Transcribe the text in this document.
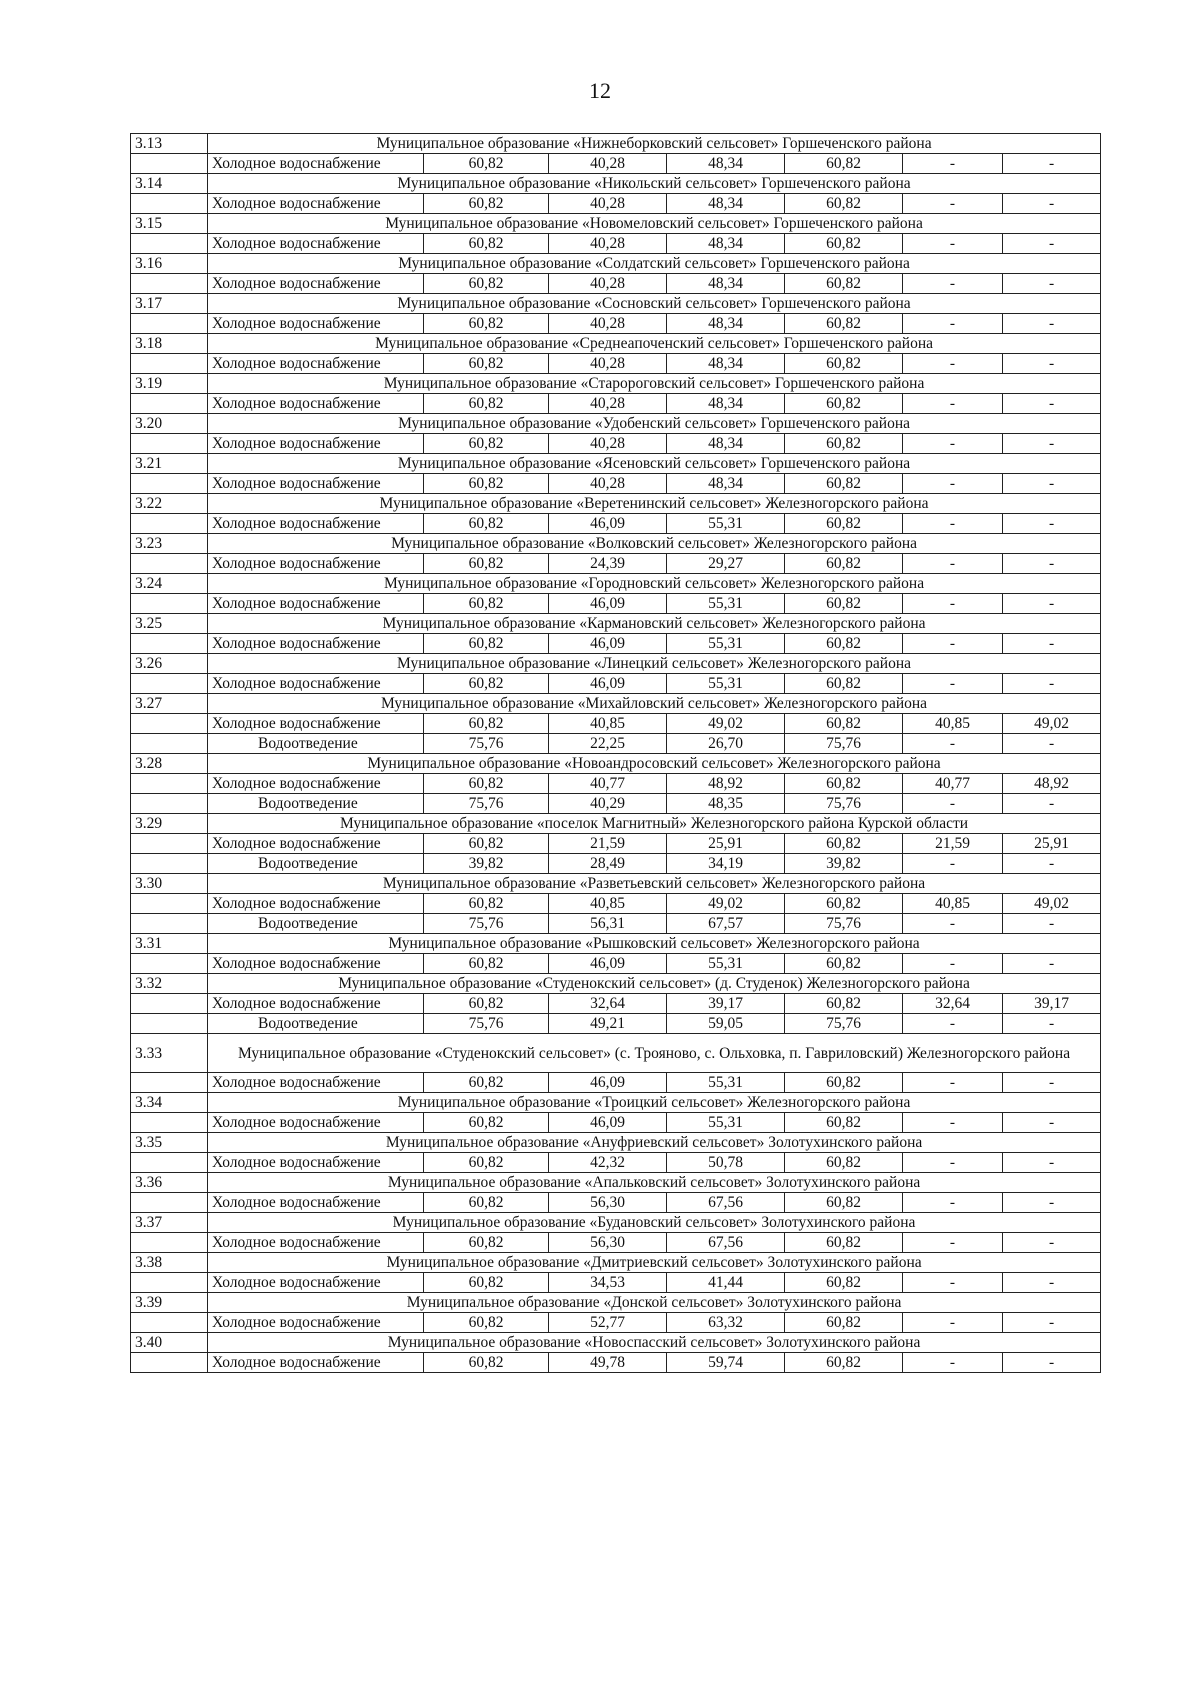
12
3.13	Муниципальное образование «Нижнеборковский сельсовет» Горшеченского района						
	Холодное водоснабжение	60,82	40,28	48,34	60,82	-	-
3.14	Муниципальное образование «Никольский сельсовет» Горшеченского района						
	Холодное водоснабжение	60,82	40,28	48,34	60,82	-	-
3.15	Муниципальное образование «Новомеловский сельсовет» Горшеченского района						
	Холодное водоснабжение	60,82	40,28	48,34	60,82	-	-
3.16	Муниципальное образование «Солдатский сельсовет» Горшеченского района						
	Холодное водоснабжение	60,82	40,28	48,34	60,82	-	-
3.17	Муниципальное образование «Сосновский сельсовет» Горшеченского района						
	Холодное водоснабжение	60,82	40,28	48,34	60,82	-	-
3.18	Муниципальное образование «Среднеапоченский сельсовет» Горшеченского района						
	Холодное водоснабжение	60,82	40,28	48,34	60,82	-	-
3.19	Муниципальное образование «Старороговский сельсовет» Горшеченского района						
	Холодное водоснабжение	60,82	40,28	48,34	60,82	-	-
3.20	Муниципальное образование «Удобенский сельсовет» Горшеченского района						
	Холодное водоснабжение	60,82	40,28	48,34	60,82	-	-
3.21	Муниципальное образование «Ясеновский сельсовет» Горшеченского района						
	Холодное водоснабжение	60,82	40,28	48,34	60,82	-	-
3.22	Муниципальное образование «Веретенинский сельсовет» Железногорского района						
	Холодное водоснабжение	60,82	46,09	55,31	60,82	-	-
3.23	Муниципальное образование «Волковский сельсовет» Железногорского района						
	Холодное водоснабжение	60,82	24,39	29,27	60,82	-	-
3.24	Муниципальное образование «Городновский сельсовет» Железногорского района						
	Холодное водоснабжение	60,82	46,09	55,31	60,82	-	-
3.25	Муниципальное образование «Кармановский сельсовет» Железногорского района						
	Холодное водоснабжение	60,82	46,09	55,31	60,82	-	-
3.26	Муниципальное образование «Линецкий сельсовет» Железногорского района						
	Холодное водоснабжение	60,82	46,09	55,31	60,82	-	-
3.27	Муниципальное образование «Михайловский сельсовет» Железногорского района						
	Холодное водоснабжение	60,82	40,85	49,02	60,82	40,85	49,02
	Водоотведение	75,76	22,25	26,70	75,76	-	-
3.28	Муниципальное образование «Новоандросовский сельсовет» Железногорского района						
	Холодное водоснабжение	60,82	40,77	48,92	60,82	40,77	48,92
	Водоотведение	75,76	40,29	48,35	75,76	-	-
3.29	Муниципальное образование «поселок Магнитный» Железногорского района Курской области						
	Холодное водоснабжение	60,82	21,59	25,91	60,82	21,59	25,91
	Водоотведение	39,82	28,49	34,19	39,82	-	-
3.30	Муниципальное образование «Разветьевский сельсовет» Железногорского района						
	Холодное водоснабжение	60,82	40,85	49,02	60,82	40,85	49,02
	Водоотведение	75,76	56,31	67,57	75,76	-	-
3.31	Муниципальное образование «Рышковский сельсовет» Железногорского района						
	Холодное водоснабжение	60,82	46,09	55,31	60,82	-	-
3.32	Муниципальное образование «Студенокский сельсовет» (д. Студенок) Железногорского района						
	Холодное водоснабжение	60,82	32,64	39,17	60,82	32,64	39,17
	Водоотведение	75,76	49,21	59,05	75,76	-	-
3.33	Муниципальное образование «Студенокский сельсовет» (с. Трояново, с. Ольховка, п. Гавриловский) Железногорского района						
	Холодное водоснабжение	60,82	46,09	55,31	60,82	-	-
3.34	Муниципальное образование «Троицкий сельсовет» Железногорского района						
	Холодное водоснабжение	60,82	46,09	55,31	60,82	-	-
3.35	Муниципальное образование «Ануфриевский сельсовет» Золотухинского района						
	Холодное водоснабжение	60,82	42,32	50,78	60,82	-	-
3.36	Муниципальное образование «Апальковский сельсовет» Золотухинского района						
	Холодное водоснабжение	60,82	56,30	67,56	60,82	-	-
3.37	Муниципальное образование «Будановский сельсовет» Золотухинского района						
	Холодное водоснабжение	60,82	56,30	67,56	60,82	-	-
3.38	Муниципальное образование «Дмитриевский сельсовет» Золотухинского района						
	Холодное водоснабжение	60,82	34,53	41,44	60,82	-	-
3.39	Муниципальное образование «Донской сельсовет» Золотухинского района						
	Холодное водоснабжение	60,82	52,77	63,32	60,82	-	-
3.40	Муниципальное образование «Новоспасский сельсовет» Золотухинского района						
	Холодное водоснабжение	60,82	49,78	59,74	60,82	-	-
